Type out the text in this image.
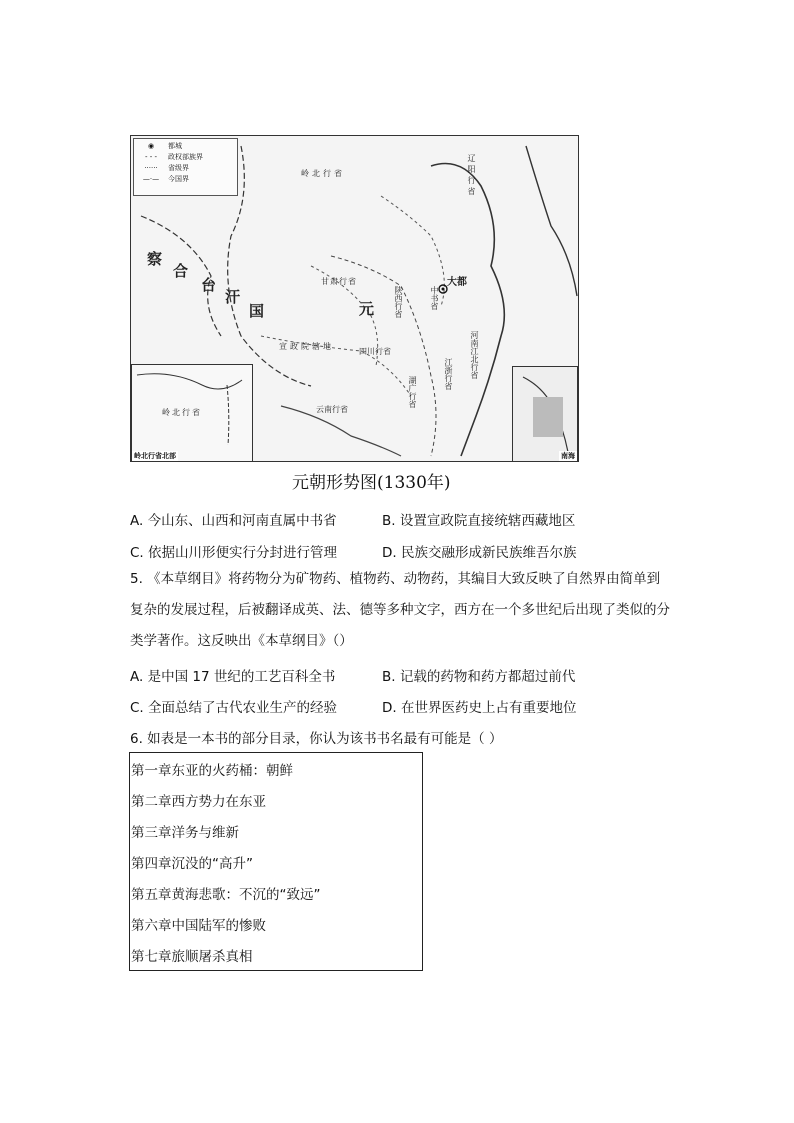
◉	都城
- - -	政权部族界
······	省级界
—·—	今国界
岭北行省	辽阳行省
察
合
台
汗
国	元
大都
中书省
甘肃行省
陕西行省
宣政院辖地	河南江北行省
四川行省
江浙行省
湖广行省
云南行省
岭北行省
岭北行省北部	南海
元朝形势图(1330年)
A. 今山东、山西和河南直属中书省	B. 设置宣政院直接统辖西藏地区
C. 依据山川形便实行分封进行管理	D. 民族交融形成新民族维吾尔族
5. 《本草纲目》将药物分为矿物药、植物药、动物药，其编目大致反映了自然界由简单到复杂的发展过程，后被翻译成英、法、德等多种文字，西方在一个多世纪后出现了类似的分类学著作。这反映出《本草纲目》（）
A. 是中国 17 世纪的工艺百科全书	B. 记载的药物和药方都超过前代
C. 全面总结了古代农业生产的经验	D. 在世界医药史上占有重要地位
6. 如表是一本书的部分目录，你认为该书书名最有可能是（ ）
第一章东亚的火药桶：朝鲜
第二章西方势力在东亚
第三章洋务与维新
第四章沉没的“高升”
第五章黄海悲歌：不沉的“致远”
第六章中国陆军的惨败
第七章旅顺屠杀真相
